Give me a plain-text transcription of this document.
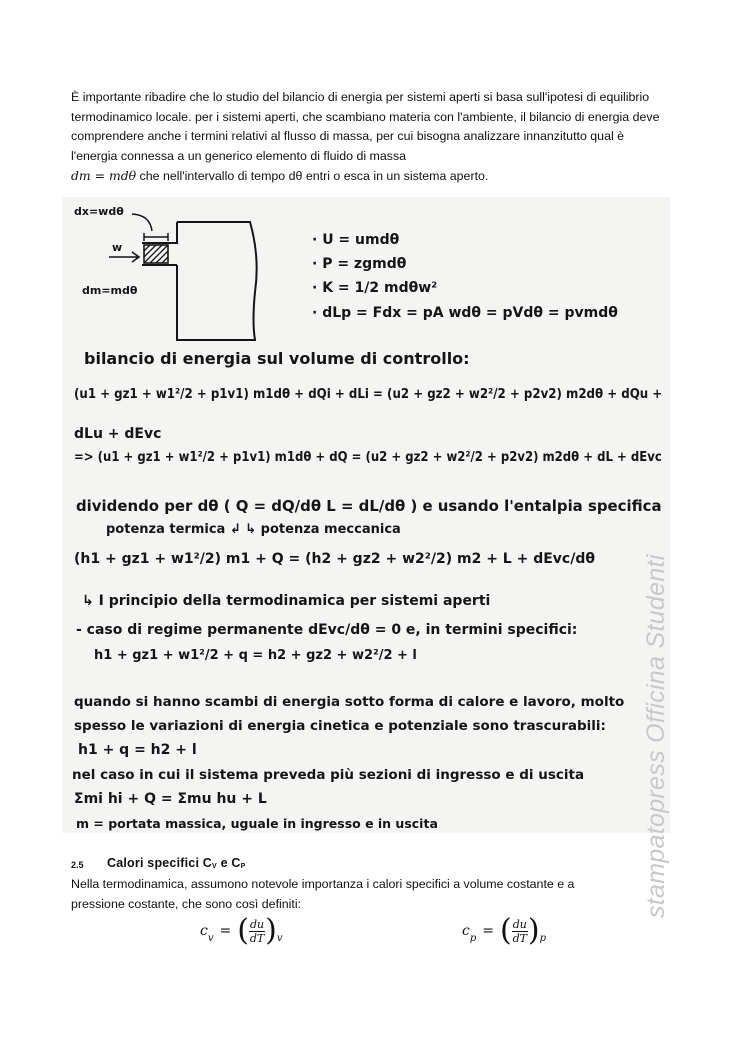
È importante ribadire che lo studio del bilancio di energia per sistemi aperti si basa sull'ipotesi di equilibrio termodinamico locale. per i sistemi aperti, che scambiano materia con l'ambiente, il bilancio di energia deve comprendere anche i termini relativi al flusso di massa, per cui bisogna analizzare innanzitutto qual è l'energia connessa a un generico elemento di fluido di massa
dm = mdθ che nell'intervallo di tempo dθ entri o esca in un sistema aperto.

dx=wdθ
w
dm=mdθ
· U = umdθ
· P = zgmdθ
· K = 1/2 mdθw²
· dLp = Fdx = pA wdθ = pVdθ = pvmdθ
bilancio di energia sul volume di controllo:
(u1 + gz1 + w1²/2 + p1v1) m1dθ + dQi + dLi = (u2 + gz2 + w2²/2 + p2v2) m2dθ + dQu +
dLu + dEvc
=> (u1 + gz1 + w1²/2 + p1v1) m1dθ + dQ = (u2 + gz2 + w2²/2 + p2v2) m2dθ + dL + dEvc
dividendo per dθ ( Q = dQ/dθ L = dL/dθ ) e usando l'entalpia specifica
potenza termica ↲ ↳ potenza meccanica
(h1 + gz1 + w1²/2) m1 + Q = (h2 + gz2 + w2²/2) m2 + L + dEvc/dθ
↳ I principio della termodinamica per sistemi aperti
- caso di regime permanente dEvc/dθ = 0 e, in termini specifici:
h1 + gz1 + w1²/2 + q = h2 + gz2 + w2²/2 + l
quando si hanno scambi di energia sotto forma di calore e lavoro, molto
spesso le variazioni di energia cinetica e potenziale sono trascurabili:
h1 + q = h2 + l
nel caso in cui il sistema preveda più sezioni di ingresso e di uscita
Σmi hi + Q = Σmu hu + L
m = portata massica, uguale in ingresso e in uscita	stampatopress Officina Studenti
2.5 Calori specifici $C_V$ e $C_P$

Nella termodinamica, assumono notevole importanza i calori specifici a volume costante e a pressione costante, che sono così definiti:

c v = ( $\frac{du}{dT}$ ) v	c p = ( $\frac{du}{dT}$ ) p
